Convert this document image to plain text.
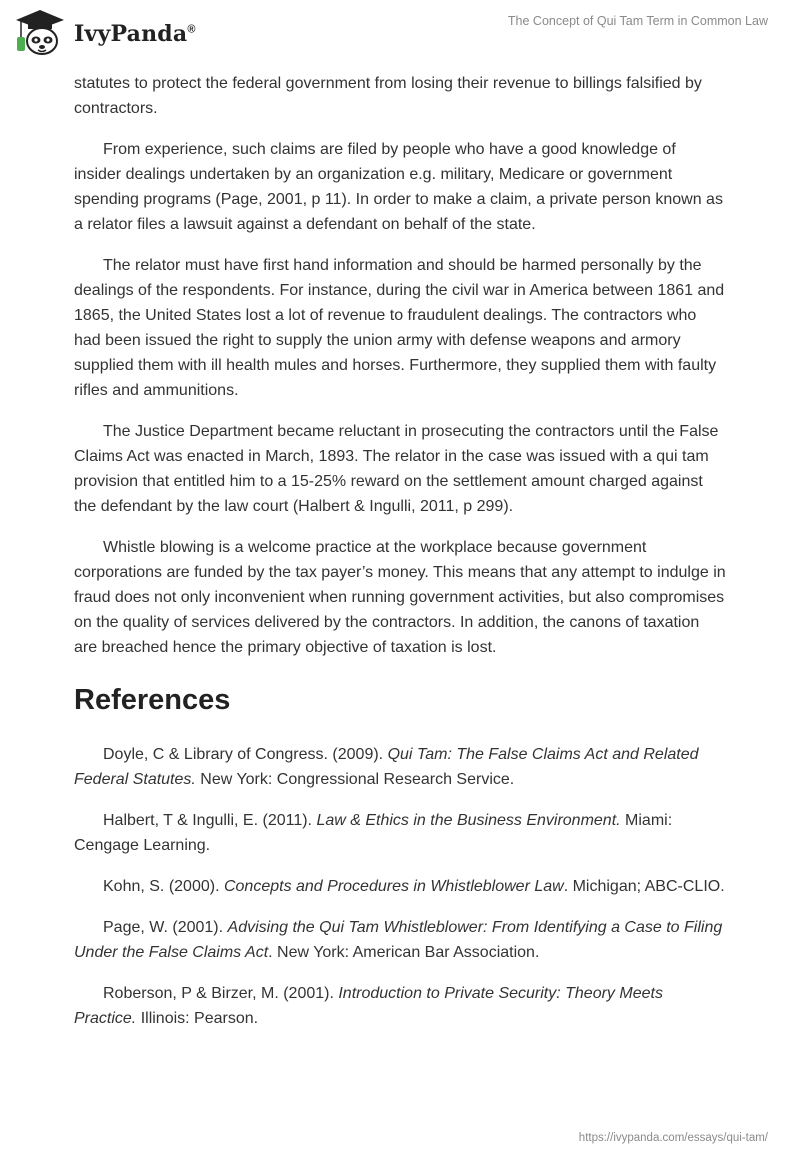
IvyPanda®
The Concept of Qui Tam Term in Common Law

statutes to protect the federal government from losing their revenue to billings falsified by contractors.

From experience, such claims are filed by people who have a good knowledge of insider dealings undertaken by an organization e.g. military, Medicare or government spending programs (Page, 2001, p 11). In order to make a claim, a private person known as a relator files a lawsuit against a defendant on behalf of the state.

The relator must have first hand information and should be harmed personally by the dealings of the respondents. For instance, during the civil war in America between 1861 and 1865, the United States lost a lot of revenue to fraudulent dealings. The contractors who had been issued the right to supply the union army with defense weapons and armory supplied them with ill health mules and horses. Furthermore, they supplied them with faulty rifles and ammunitions.

The Justice Department became reluctant in prosecuting the contractors until the False Claims Act was enacted in March, 1893. The relator in the case was issued with a qui tam provision that entitled him to a 15-25% reward on the settlement amount charged against the defendant by the law court (Halbert & Ingulli, 2011, p 299).

Whistle blowing is a welcome practice at the workplace because government corporations are funded by the tax payer’s money. This means that any attempt to indulge in fraud does not only inconvenient when running government activities, but also compromises on the quality of services delivered by the contractors. In addition, the canons of taxation are breached hence the primary objective of taxation is lost.

References

Doyle, C & Library of Congress. (2009). Qui Tam: The False Claims Act and Related Federal Statutes. New York: Congressional Research Service.

Halbert, T & Ingulli, E. (2011). Law & Ethics in the Business Environment. Miami: Cengage Learning.

Kohn, S. (2000). Concepts and Procedures in Whistleblower Law. Michigan; ABC-CLIO.

Page, W. (2001). Advising the Qui Tam Whistleblower: From Identifying a Case to Filing Under the False Claims Act. New York: American Bar Association.

Roberson, P & Birzer, M. (2001). Introduction to Private Security: Theory Meets Practice. Illinois: Pearson.

https://ivypanda.com/essays/qui-tam/
